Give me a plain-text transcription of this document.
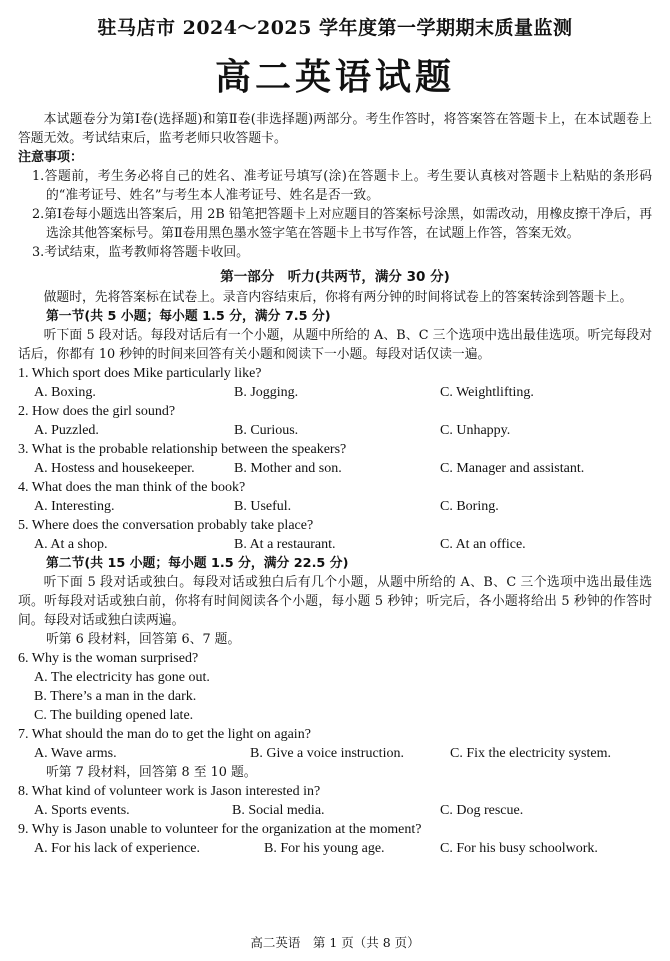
驻马店市 2024～2025 学年度第一学期期末质量监测
高二英语试题
本试题卷分为第Ⅰ卷(选择题)和第Ⅱ卷(非选择题)两部分。考生作答时，将答案答在答题卡上，在本试题卷上答题无效。考试结束后，监考老师只收答题卡。
注意事项：
1.答题前，考生务必将自己的姓名、准考证号填写(涂)在答题卡上。考生要认真核对答题卡上粘贴的条形码的“准考证号、姓名”与考生本人准考证号、姓名是否一致。
2.第Ⅰ卷每小题选出答案后，用 2B 铅笔把答题卡上对应题目的答案标号涂黑，如需改动，用橡皮擦干净后，再选涂其他答案标号。第Ⅱ卷用黑色墨水签字笔在答题卡上书写作答，在试题上作答，答案无效。
3.考试结束，监考教师将答题卡收回。
第一部分　听力(共两节，满分 30 分)
做题时，先将答案标在试卷上。录音内容结束后，你将有两分钟的时间将试卷上的答案转涂到答题卡上。
第一节(共 5 小题；每小题 1.5 分，满分 7.5 分)
听下面 5 段对话。每段对话后有一个小题，从题中所给的 A、B、C 三个选项中选出最佳选项。听完每段对话后，你都有 10 秒钟的时间来回答有关小题和阅读下一小题。每段对话仅读一遍。
1. Which sport does Mike particularly like?
A. Boxing.	B. Jogging.	C. Weightlifting.
2. How does the girl sound?
A. Puzzled.	B. Curious.	C. Unhappy.
3. What is the probable relationship between the speakers?
A. Hostess and housekeeper.	B. Mother and son.	C. Manager and assistant.
4. What does the man think of the book?
A. Interesting.	B. Useful.	C. Boring.
5. Where does the conversation probably take place?
A. At a shop.	B. At a restaurant.	C. At an office.
第二节(共 15 小题；每小题 1.5 分，满分 22.5 分)
听下面 5 段对话或独白。每段对话或独白后有几个小题，从题中所给的 A、B、C 三个选项中选出最佳选项。听每段对话或独白前，你将有时间阅读各个小题，每小题 5 秒钟；听完后，各小题将给出 5 秒钟的作答时间。每段对话或独白读两遍。
听第 6 段材料，回答第 6、7 题。
6. Why is the woman surprised?
A. The electricity has gone out.
B. There’s a man in the dark.
C. The building opened late.
7. What should the man do to get the light on again?
A. Wave arms.	B. Give a voice instruction.	C. Fix the electricity system.
听第 7 段材料，回答第 8 至 10 题。
8. What kind of volunteer work is Jason interested in?
A. Sports events.	B. Social media.	C. Dog rescue.
9. Why is Jason unable to volunteer for the organization at the moment?
A. For his lack of experience.	B. For his young age.	C. For his busy schoolwork.
高二英语　第 1 页（共 8 页）
